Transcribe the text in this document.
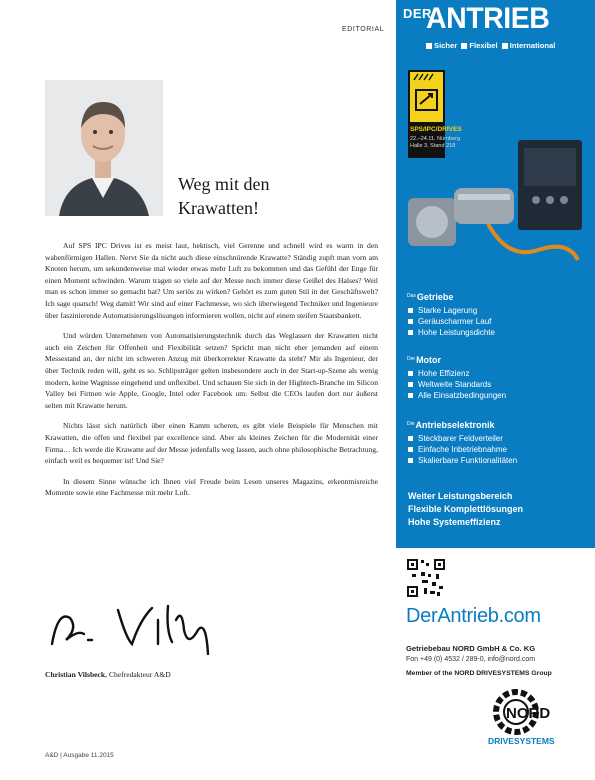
EDITORIAL
Weg mit den
Krawatten!

Auf SPS IPC Drives ist es meist laut, hektisch, viel Gerenne und schnell wird es warm in den wabenförmigen Hallen. Nervt Sie da nicht auch diese einschnürende Krawatte? Ständig zupft man vorn am Knoten herum, um sekundenweise mal wieder etwas mehr Luft zu bekommen und das Gefühl der Enge für einen Moment schwinden. Warum tragen so viele auf der Messe noch immer diese Geißel des Halses? Weil man es schon immer so gemacht hat? Um seriös zu wirken? Gehört es zum guten Stil in der Geschäftswelt? Ich sage quatsch! Weg damit! Wir sind auf einer Fachmesse, wo sich überwiegend Techniker und Ingenieure über faszinierende Automatisierungslösungen informieren wollen, nicht auf einem steifen Staatsbankett.

Und würden Unternehmen von Automatisierungstechnik durch das Weglassen der Krawatten nicht auch ein Zeichen für Offenheit und Flexibilität setzen? Spricht man nicht eher jemanden auf einem Messestand an, der nicht im schweren Anzug mit überkorrekter Krawatte da steht? Mir als Ingenieur, der über Technik reden will, geht es so. Schlipsträger gelten insbesondere auch in der Start-up-Szene als wenig modern, keine Wagnisse eingehend und unflexibel. Und schauen Sie sich in der Hightech-Branche im Silicon Valley bei Firmen wie Apple, Google, Intel oder Facebook um: Selbst die CEOs laufen dort nur äußerst selten mit Krawatte herum.

Nichts lässt sich natürlich über einen Kamm scheren, es gibt viele Beispiele für Menschen mit Krawatten, die offen und flexibel par excellence sind. Aber als kleines Zeichen für die Modernität einer Firma… Ich werde die Krawatte auf der Messe jedenfalls weg lassen, auch ohne philosophische Betrachtung, einfach weil es bequemer ist! Und Sie?

In diesem Sinne wünsche ich Ihnen viel Freude beim Lesen unseres Magazins, erkenntnisreiche Momente sowie eine Fachmesse mit mehr Luft.

Christian Vilsbeck, Chefredakteur A&D
A&D | Ausgabe 11.2015
DER
ANTRIEB
Sicher Flexibel International
SPS/IPC/DRIVES
22.–24.11. Nürnberg
Halle 3, Stand 218
$^{Das}$Getriebe
Starke Lagerung
Geräuscharmer Lauf
Hohe Leistungsdichte
$^{Der}$Motor
Hohe Effizienz
Weltweite Standards
Alle Einsatzbedingungen
$^{Die}$Antriebselektronik
Steckbarer Feldverteiler
Einfache Inbetriebnahme
Skalierbare Funktionalitäten
Weiter Leistungsbereich
Flexible Komplettlösungen
Hohe Systemeffizienz
DerAntrieb.com
Getriebebau NORD GmbH & Co. KG
Fon +49 (0) 4532 / 289-0, info@nord.com
Member of the NORD DRIVESYSTEMS Group
NORD
DRIVESYSTEMS
